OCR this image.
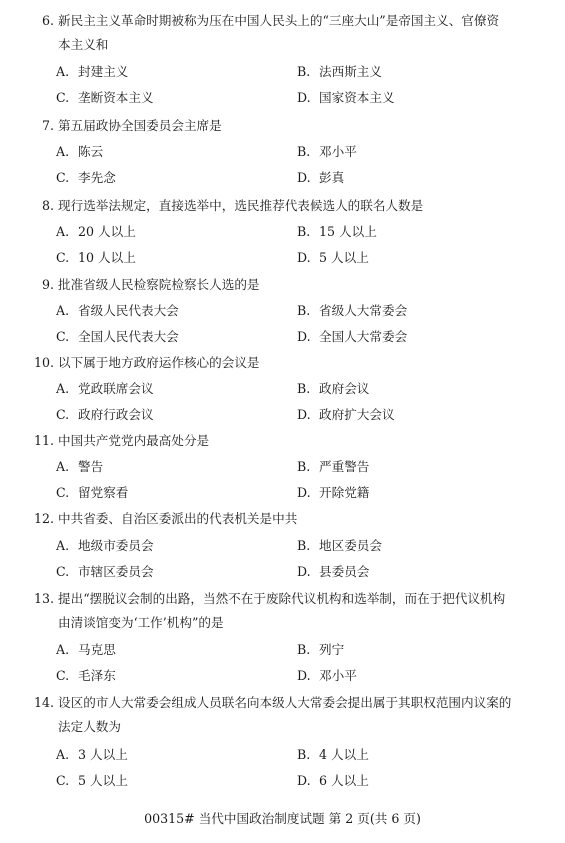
6. 新民主主义革命时期被称为压在中国人民头上的“三座大山”是帝国主义、官僚资
本主义和
A. 封建主义	B. 法西斯主义
C. 垄断资本主义	D. 国家资本主义
7. 第五届政协全国委员会主席是
A. 陈云	B. 邓小平
C. 李先念	D. 彭真
8. 现行选举法规定，直接选举中，选民推荐代表候选人的联名人数是
A. 20 人以上	B. 15 人以上
C. 10 人以上	D. 5 人以上
9. 批准省级人民检察院检察长人选的是
A. 省级人民代表大会	B. 省级人大常委会
C. 全国人民代表大会	D. 全国人大常委会
10. 以下属于地方政府运作核心的会议是
A. 党政联席会议	B. 政府会议
C. 政府行政会议	D. 政府扩大会议
11. 中国共产党党内最高处分是
A. 警告	B. 严重警告
C. 留党察看	D. 开除党籍
12. 中共省委、自治区委派出的代表机关是中共
A. 地级市委员会	B. 地区委员会
C. 市辖区委员会	D. 县委员会
13. 提出“摆脱议会制的出路，当然不在于废除代议机构和选举制，而在于把代议机构
由清谈馆变为‘工作’机构”的是
A. 马克思	B. 列宁
C. 毛泽东	D. 邓小平
14. 设区的市人大常委会组成人员联名向本级人大常委会提出属于其职权范围内议案的
法定人数为
A. 3 人以上	B. 4 人以上
C. 5 人以上	D. 6 人以上
00315# 当代中国政治制度试题 第 2 页(共 6 页)
